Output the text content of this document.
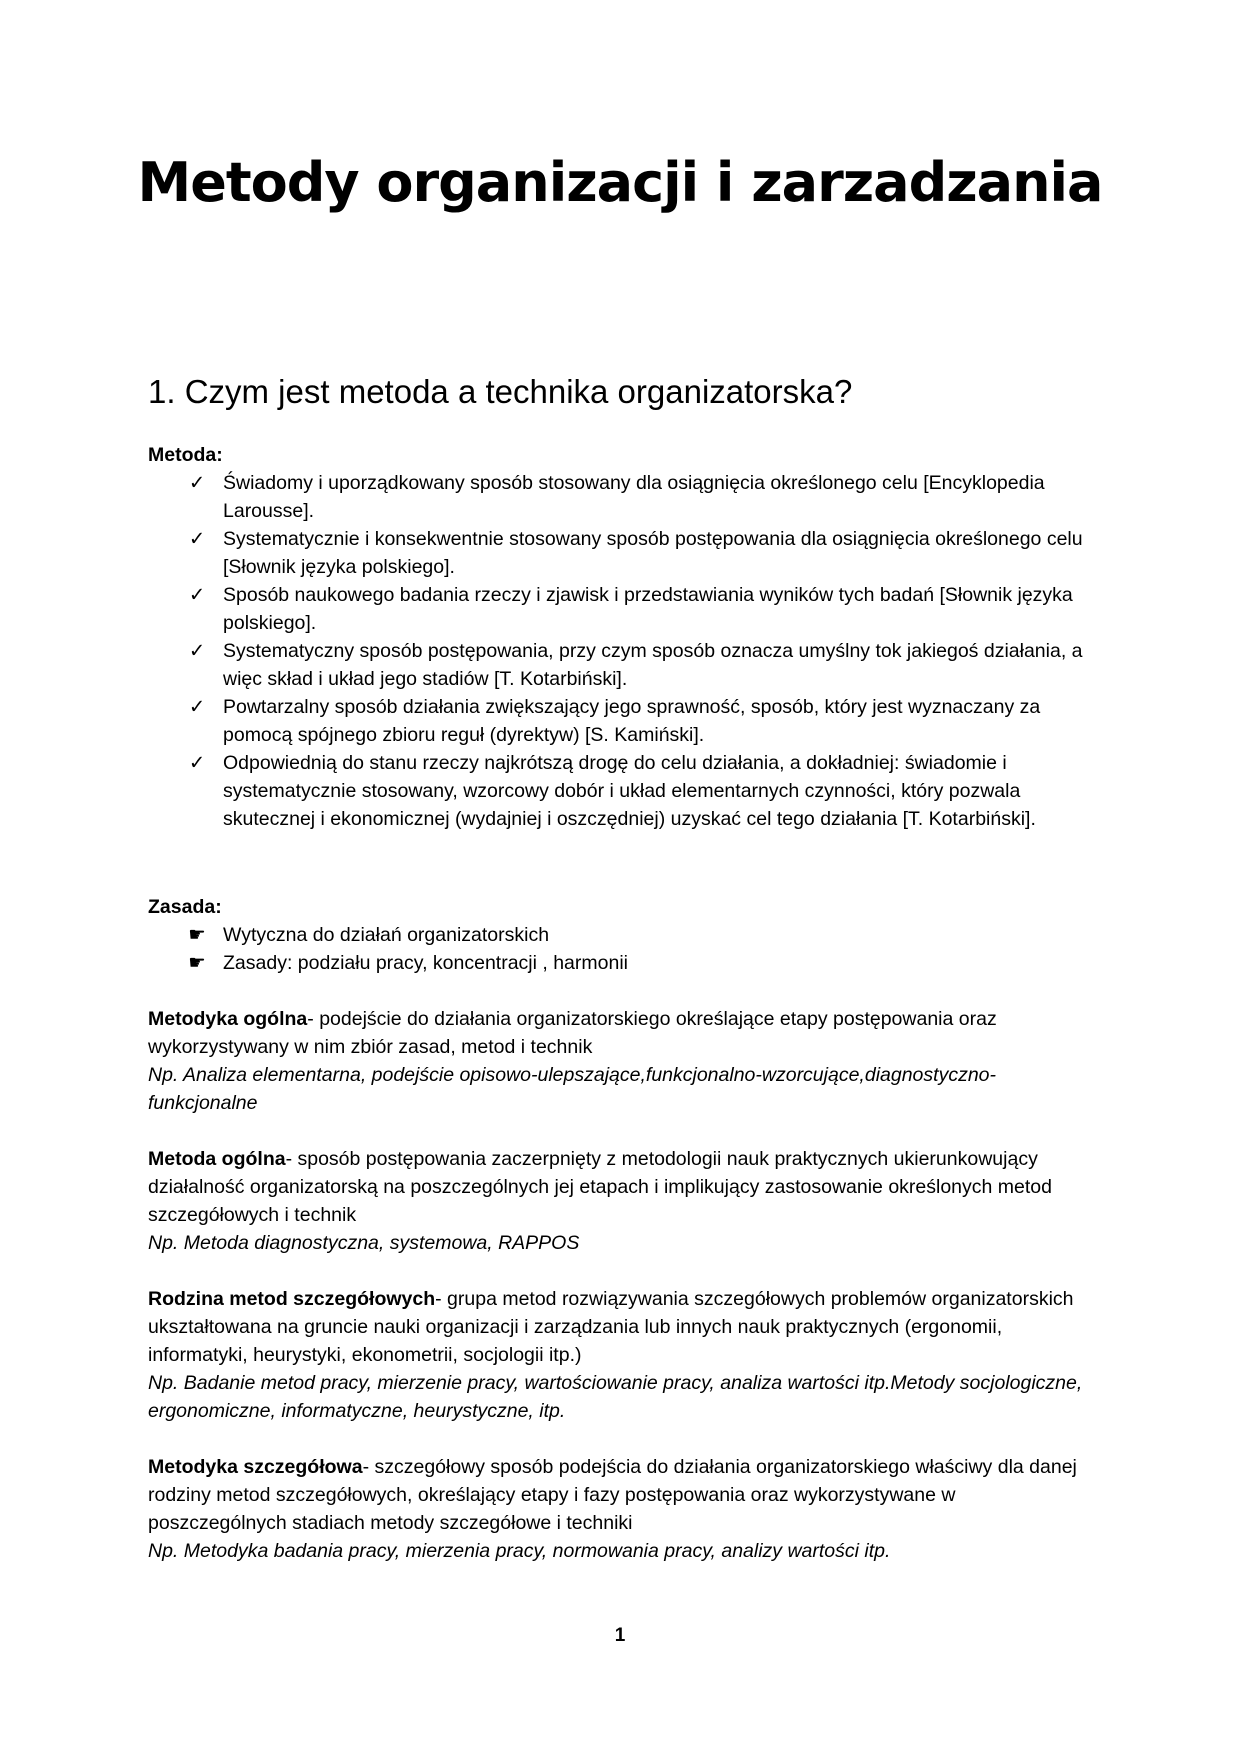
Metody organizacji i zarzadzania
1. Czym jest metoda a technika organizatorska?
Metoda:
✓ Świadomy i uporządkowany sposób stosowany dla osiągnięcia określonego celu [Encyklopedia Larousse].
✓ Systematycznie i konsekwentnie stosowany sposób postępowania dla osiągnięcia określonego celu [Słownik języka polskiego].
✓ Sposób naukowego badania rzeczy i zjawisk i przedstawiania wyników tych badań [Słownik języka polskiego].
✓ Systematyczny sposób postępowania, przy czym sposób oznacza umyślny tok jakiegoś działania, a więc skład i układ jego stadiów [T. Kotarbiński].
✓ Powtarzalny sposób działania zwiększający jego sprawność, sposób, który jest wyznaczany za pomocą spójnego zbioru reguł (dyrektyw) [S. Kamiński].
✓ Odpowiednią do stanu rzeczy najkrótszą drogę do celu działania, a dokładniej: świadomie i systematycznie stosowany, wzorcowy dobór i układ elementarnych czynności, który pozwala skutecznej i ekonomicznej (wydajniej i oszczędniej) uzyskać cel tego działania [T. Kotarbiński].
Zasada:
☛ Wytyczna do działań organizatorskich
☛ Zasady: podziału pracy, koncentracji , harmonii
Metodyka ogólna- podejście do działania organizatorskiego określające etapy postępowania oraz wykorzystywany w nim zbiór zasad, metod i technik
Np. Analiza elementarna, podejście opisowo-ulepszające,funkcjonalno-wzorcujące,diagnostyczno-funkcjonalne
Metoda ogólna- sposób postępowania zaczerpnięty z metodologii nauk praktycznych ukierunkowujący działalność organizatorską na poszczególnych jej etapach i implikujący zastosowanie określonych metod szczegółowych i technik
Np. Metoda diagnostyczna, systemowa, RAPPOS
Rodzina metod szczegółowych- grupa metod rozwiązywania szczegółowych problemów organizatorskich ukształtowana na gruncie nauki organizacji i zarządzania lub innych nauk praktycznych (ergonomii, informatyki, heurystyki, ekonometrii, socjologii itp.)
Np. Badanie metod pracy, mierzenie pracy, wartościowanie pracy, analiza wartości itp.Metody socjologiczne, ergonomiczne, informatyczne, heurystyczne, itp.
Metodyka szczegółowa- szczegółowy sposób podejścia do działania organizatorskiego właściwy dla danej rodziny metod szczegółowych, określający etapy i fazy postępowania oraz wykorzystywane w poszczególnych stadiach metody szczegółowe i techniki
Np. Metodyka badania pracy, mierzenia pracy, normowania pracy, analizy wartości itp.
1
